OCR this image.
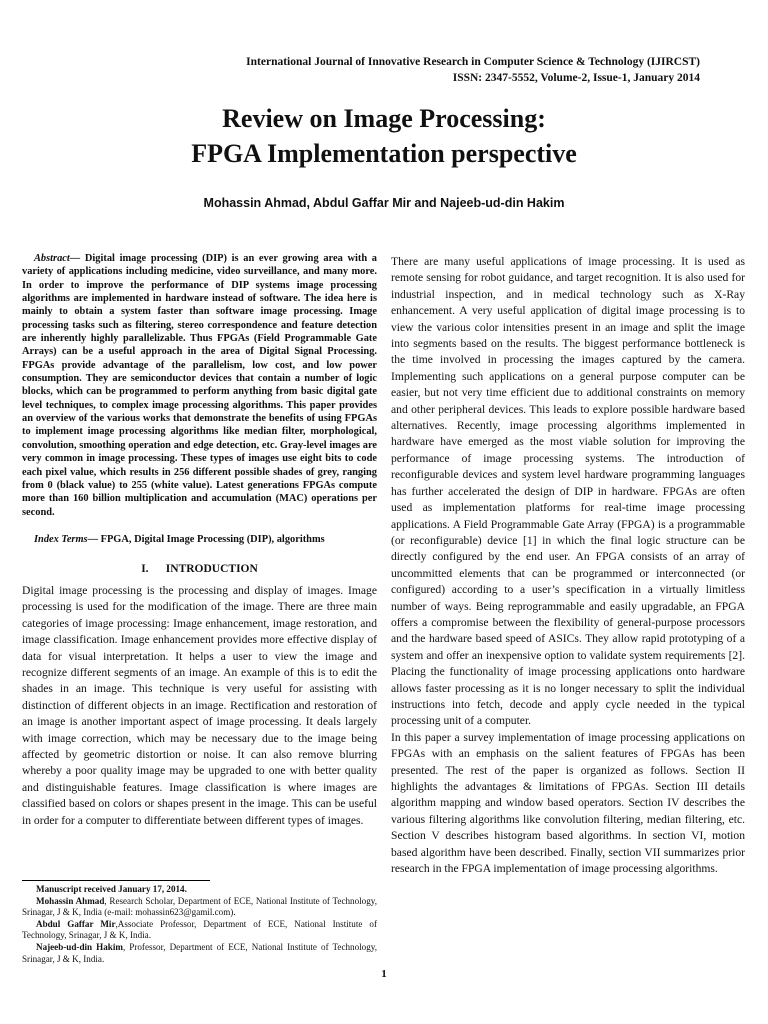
International Journal of Innovative Research in Computer Science & Technology (IJIRCST)
ISSN: 2347-5552, Volume-2, Issue-1, January 2014
Review on Image Processing:
FPGA Implementation perspective
Mohassin Ahmad, Abdul Gaffar Mir and Najeeb-ud-din Hakim

Abstract— Digital image processing (DIP) is an ever growing area with a variety of applications including medicine, video surveillance, and many more. In order to improve the performance of DIP systems image processing algorithms are implemented in hardware instead of software. The idea here is mainly to obtain a system faster than software image processing. Image processing tasks such as filtering, stereo correspondence and feature detection are inherently highly parallelizable. Thus FPGAs (Field Programmable Gate Arrays) can be a useful approach in the area of Digital Signal Processing. FPGAs provide advantage of the parallelism, low cost, and low power consumption. They are semiconductor devices that contain a number of logic blocks, which can be programmed to perform anything from basic digital gate level techniques, to complex image processing algorithms. This paper provides an overview of the various works that demonstrate the benefits of using FPGAs to implement image processing algorithms like median filter, morphological, convolution, smoothing operation and edge detection, etc. Gray-level images are very common in image processing. These types of images use eight bits to code each pixel value, which results in 256 different possible shades of grey, ranging from 0 (black value) to 255 (white value). Latest generations FPGAs compute more than 160 billion multiplication and accumulation (MAC) operations per second.

Index Terms— FPGA, Digital Image Processing (DIP), algorithms

I.      INTRODUCTION

Digital image processing is the processing and display of images. Image processing is used for the modification of the image. There are three main categories of image processing: Image enhancement, image restoration, and image classification. Image enhancement provides more effective display of data for visual interpretation. It helps a user to view the image and recognize different segments of an image. An example of this is to edit the shades in an image. This technique is very useful for assisting with distinction of different objects in an image. Rectification and restoration of an image is another important aspect of image processing. It deals largely with image correction, which may be necessary due to the image being affected by geometric distortion or noise. It can also remove blurring whereby a poor quality image may be upgraded to one with better quality and distinguishable features. Image classification is where images are classified based on colors or shapes present in the image. This can be useful in order for a computer to differentiate between different types of images.

There are many useful applications of image processing. It is used as remote sensing for robot guidance, and target recognition. It is also used for industrial inspection, and in medical technology such as X-Ray enhancement. A very useful application of digital image processing is to view the various color intensities present in an image and split the image into segments based on the results. The biggest performance bottleneck is the time involved in processing the images captured by the camera. Implementing such applications on a general purpose computer can be easier, but not very time efficient due to additional constraints on memory and other peripheral devices. This leads to explore possible hardware based alternatives. Recently, image processing algorithms implemented in hardware have emerged as the most viable solution for improving the performance of image processing systems. The introduction of reconfigurable devices and system level hardware programming languages has further accelerated the design of DIP in hardware. FPGAs are often used as implementation platforms for real-time image processing applications. A Field Programmable Gate Array (FPGA) is a programmable (or reconfigurable) device [1] in which the final logic structure can be directly configured by the end user. An FPGA consists of an array of uncommitted elements that can be programmed or interconnected (or configured) according to a user’s specification in a virtually limitless number of ways. Being reprogrammable and easily upgradable, an FPGA offers a compromise between the flexibility of general-purpose processors and the hardware based speed of ASICs. They allow rapid prototyping of a system and offer an inexpensive option to validate system requirements [2]. Placing the functionality of image processing applications onto hardware allows faster processing as it is no longer necessary to split the individual instructions into fetch, decode and apply cycle needed in the typical processing unit of a computer.

In this paper a survey implementation of image processing applications on FPGAs with an emphasis on the salient features of FPGAs has been presented. The rest of the paper is organized as follows. Section II highlights the advantages & limitations of FPGAs. Section III details algorithm mapping and window based operators. Section IV describes the various filtering algorithms like convolution filtering, median filtering, etc. Section V describes histogram based algorithms. In section VI, motion based algorithm have been described. Finally, section VII summarizes prior research in the FPGA implementation of image processing algorithms.

Manuscript received January 17, 2014.

Mohassin Ahmad, Research Scholar, Department of ECE, National Institute of Technology, Srinagar, J & K, India (e-mail: mohassin623@gamil.com).

Abdul Gaffar Mir,Associate Professor, Department of ECE, National Institute of Technology, Srinagar, J & K, India.

Najeeb-ud-din Hakim, Professor, Department of ECE, National Institute of Technology, Srinagar, J & K, India.

1
